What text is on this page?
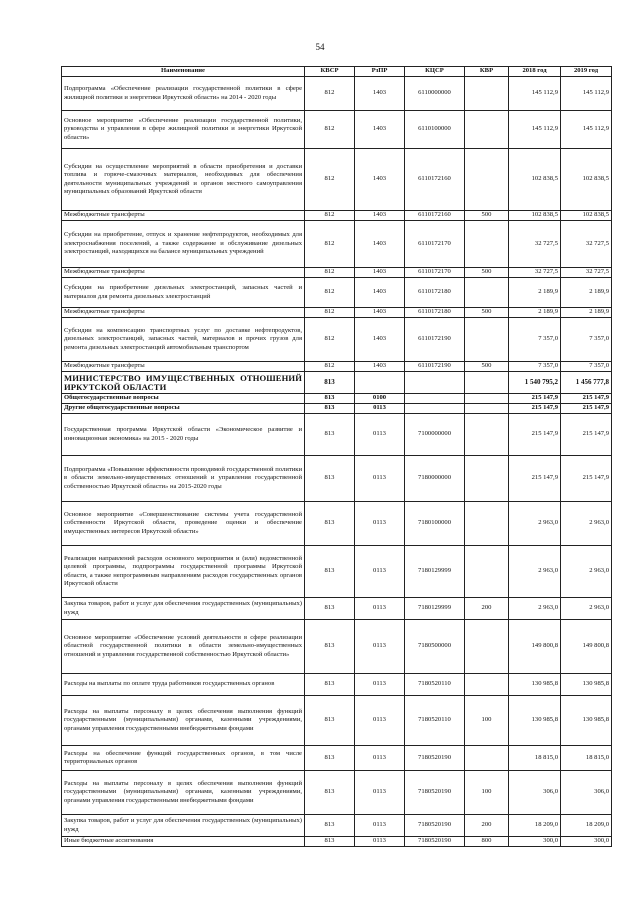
54
Наименование	КВСР	РзПР	КЦСР	КВР	2018 год	2019 год
Подпрограмма «Обеспечение реализации государственной политики в сфере жилищной политики и энергетики Иркутской области» на 2014 - 2020 годы	812	1403	6110000000		145 112,9	145 112,9
Основное мероприятие «Обеспечение реализации государственной политики, руководства и управления в сфере жилищной политики и энергетики Иркутской области»	812	1403	6110100000		145 112,9	145 112,9
Субсидии на осуществление мероприятий в области приобретения и доставки топлива и горюче-смазочных материалов, необходимых для обеспечения деятельности муниципальных учреждений и органов местного самоуправления муниципальных образований Иркутской области	812	1403	6110172160		102 838,5	102 838,5
Межбюджетные трансферты	812	1403	6110172160	500	102 838,5	102 838,5
Субсидии на приобретение, отпуск и хранение нефтепродуктов, необходимых для электроснабжения поселений, а также содержание и обслуживание дизельных электростанций, находящихся на балансе муниципальных учреждений	812	1403	6110172170		32 727,5	32 727,5
Межбюджетные трансферты	812	1403	6110172170	500	32 727,5	32 727,5
Субсидии на приобретение дизельных электростанций, запасных частей и материалов для ремонта дизельных электростанций	812	1403	6110172180		2 189,9	2 189,9
Межбюджетные трансферты	812	1403	6110172180	500	2 189,9	2 189,9
Субсидии на компенсацию транспортных услуг по доставке нефтепродуктов, дизельных электростанций, запасных частей, материалов и прочих грузов для ремонта дизельных электростанций автомобильным транспортом	812	1403	6110172190		7 357,0	7 357,0
Межбюджетные трансферты	812	1403	6110172190	500	7 357,0	7 357,0
МИНИСТЕРСТВО ИМУЩЕСТВЕННЫХ ОТНОШЕНИЙ ИРКУТСКОЙ ОБЛАСТИ	813				1 540 795,2	1 456 777,8
Общегосударственные вопросы	813	0100			215 147,9	215 147,9
Другие общегосударственные вопросы	813	0113			215 147,9	215 147,9
Государственная программа Иркутской области «Экономическое развитие и инновационная экономика» на 2015 - 2020 годы	813	0113	7100000000		215 147,9	215 147,9
Подпрограмма «Повышение эффективности проводимой государственной политики в области земельно-имущественных отношений и управления государственной собственностью Иркутской области» на 2015-2020 годы	813	0113	7180000000		215 147,9	215 147,9
Основное мероприятие «Совершенствование системы учета государственной собственности Иркутской области, проведение оценки и обеспечение имущественных интересов Иркутской области»	813	0113	7180100000		2 963,0	2 963,0
Реализация направлений расходов основного мероприятия и (или) ведомственной целевой программы, подпрограммы государственной программы Иркутской области, а также непрограммным направлениям расходов государственных органов Иркутской области	813	0113	7180129999		2 963,0	2 963,0
Закупка товаров, работ и услуг для обеспечения государственных (муниципальных) нужд	813	0113	7180129999	200	2 963,0	2 963,0
Основное мероприятие «Обеспечение условий деятельности в сфере реализации областной государственной политики в области земельно-имущественных отношений и управления государственной собственностью Иркутской области»	813	0113	7180500000		149 800,8	149 800,8
Расходы на выплаты по оплате труда работников государственных органов	813	0113	7180520110		130 985,8	130 985,8
Расходы на выплаты персоналу в целях обеспечения выполнения функций государственными (муниципальными) органами, казенными учреждениями, органами управления государственными внебюджетными фондами	813	0113	7180520110	100	130 985,8	130 985,8
Расходы на обеспечение функций государственных органов, в том числе территориальных органов	813	0113	7180520190		18 815,0	18 815,0
Расходы на выплаты персоналу в целях обеспечения выполнения функций государственными (муниципальными) органами, казенными учреждениями, органами управления государственными внебюджетными фондами	813	0113	7180520190	100	306,0	306,0
Закупка товаров, работ и услуг для обеспечения государственных (муниципальных) нужд	813	0113	7180520190	200	18 209,0	18 209,0
Иные бюджетные ассигнования	813	0113	7180520190	800	300,0	300,0
